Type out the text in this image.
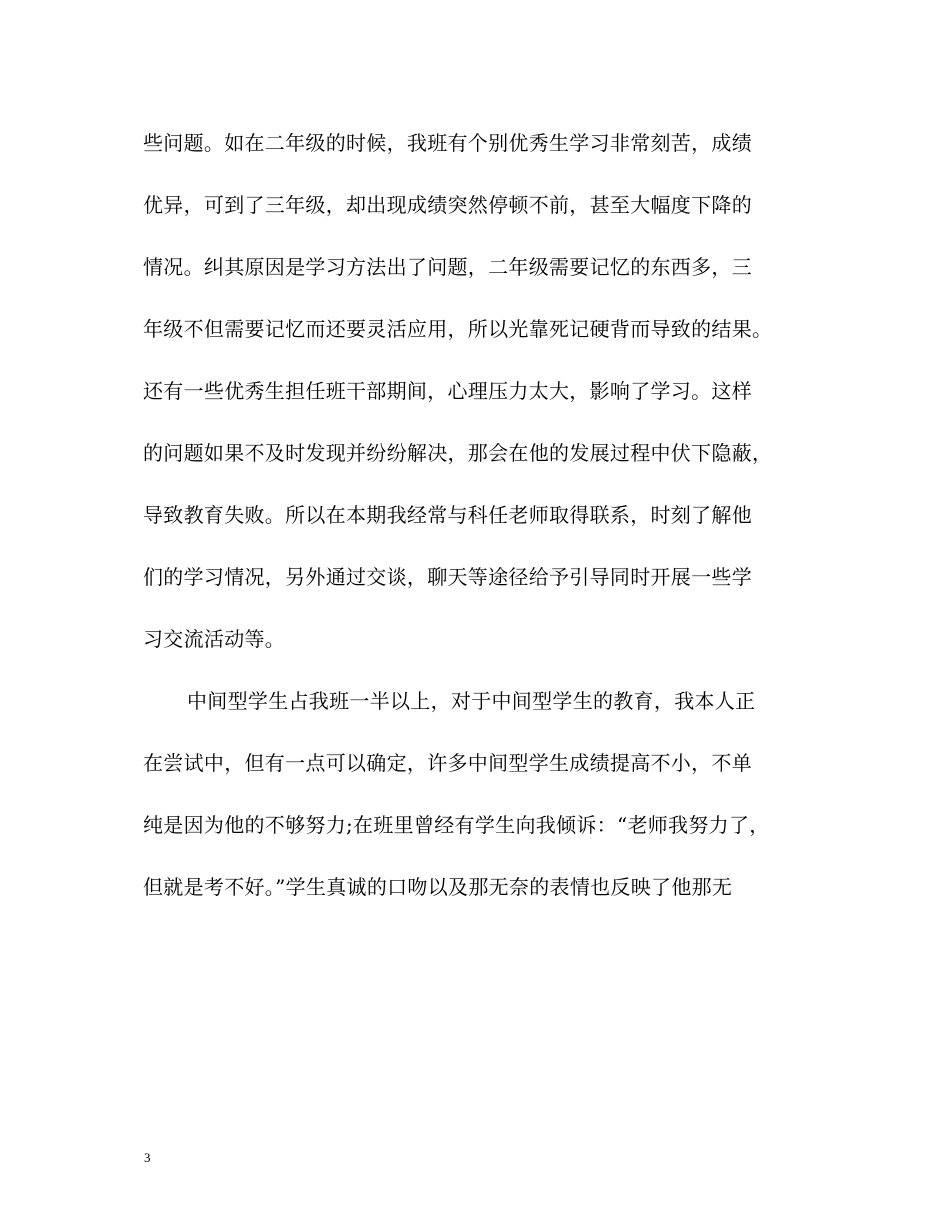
些问题。如在二年级的时候，我班有个别优秀生学习非常刻苦，成绩
优异，可到了三年级，却出现成绩突然停顿不前，甚至大幅度下降的
情况。纠其原因是学习方法出了问题，二年级需要记忆的东西多，三
年级不但需要记忆而还要灵活应用，所以光靠死记硬背而导致的结果。
还有一些优秀生担任班干部期间，心理压力太大，影响了学习。这样
的问题如果不及时发现并纷纷解决，那会在他的发展过程中伏下隐蔽，
导致教育失败。所以在本期我经常与科任老师取得联系，时刻了解他
们的学习情况，另外通过交谈，聊天等途径给予引导同时开展一些学
习交流活动等。
中间型学生占我班一半以上，对于中间型学生的教育，我本人正
在尝试中，但有一点可以确定，许多中间型学生成绩提高不小，不单
纯是因为他的不够努力;在班里曾经有学生向我倾诉：“老师我努力了，
但就是考不好。”学生真诚的口吻以及那无奈的表情也反映了他那无
3
